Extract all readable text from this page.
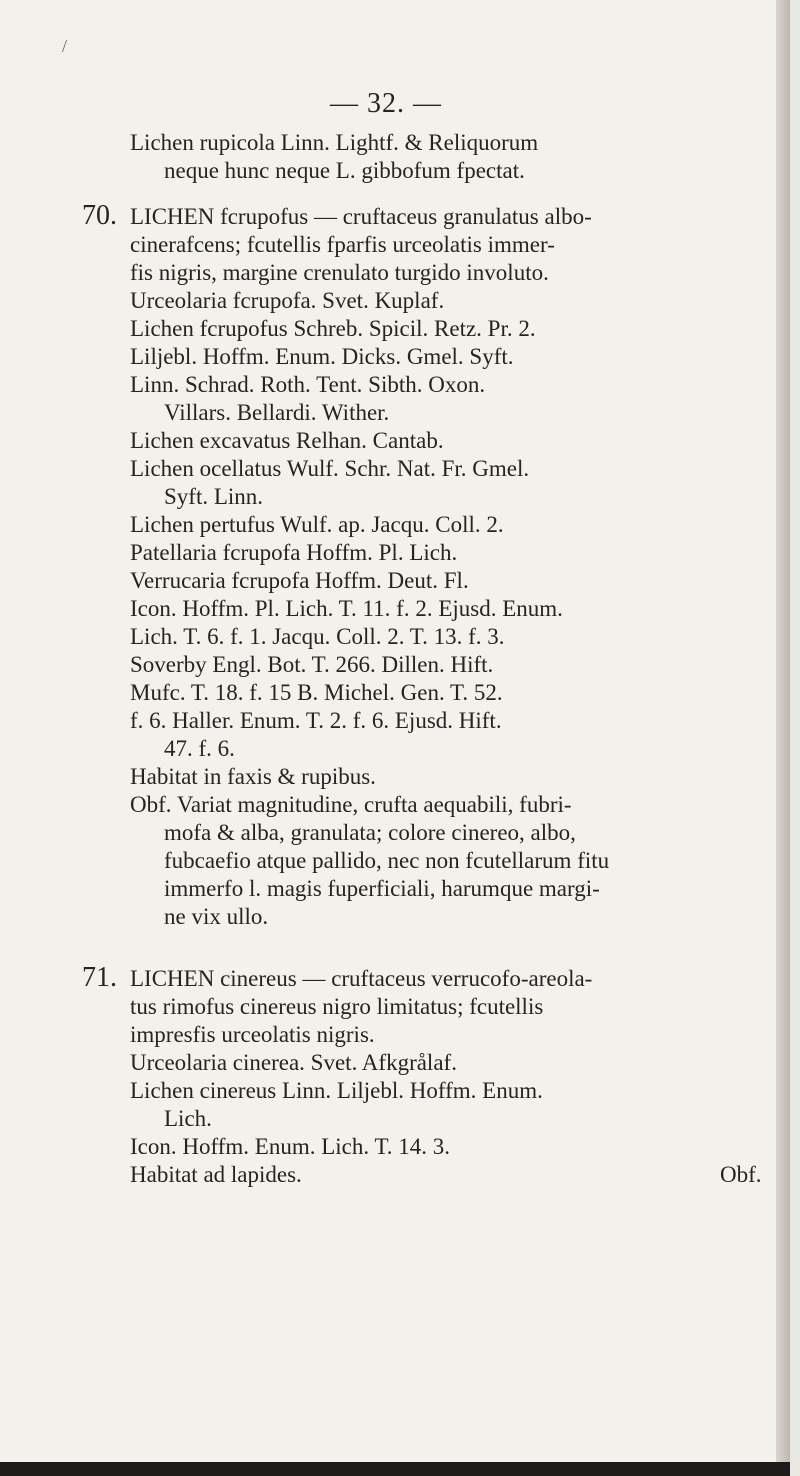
/
— 32. —
Lichen rupicola Linn. Lightf. & Reliquorum
neque hunc neque L. gibbofum fpectat.
70. LICHEN fcrupofus — cruftaceus granulatus albo-
cinerafcens; fcutellis fparfis urceolatis immer-
fis nigris, margine crenulato turgido involuto.
Urceolaria fcrupofa. Svet. Kuplaf.
Lichen fcrupofus Schreb. Spicil. Retz. Pr. 2.
Liljebl. Hoffm. Enum. Dicks. Gmel. Syft.
Linn. Schrad. Roth. Tent. Sibth. Oxon.
Villars. Bellardi. Wither.
Lichen excavatus Relhan. Cantab.
Lichen ocellatus Wulf. Schr. Nat. Fr. Gmel.
Syft. Linn.
Lichen pertufus Wulf. ap. Jacqu. Coll. 2.
Patellaria fcrupofa Hoffm. Pl. Lich.
Verrucaria fcrupofa Hoffm. Deut. Fl.
Icon. Hoffm. Pl. Lich. T. 11. f. 2. Ejusd. Enum.
Lich. T. 6. f. 1. Jacqu. Coll. 2. T. 13. f. 3.
Soverby Engl. Bot. T. 266. Dillen. Hift.
Mufc. T. 18. f. 15 B. Michel. Gen. T. 52.
f. 6. Haller. Enum. T. 2. f. 6. Ejusd. Hift.
47. f. 6.
Habitat in faxis & rupibus.
Obf. Variat magnitudine, crufta aequabili, fubri-
mofa & alba, granulata; colore cinereo, albo,
fubcaefio atque pallido, nec non fcutellarum fitu
immerfo l. magis fuperficiali, harumque margi-
ne vix ullo.
71. LICHEN cinereus — cruftaceus verrucofo-areola-
tus rimofus cinereus nigro limitatus; fcutellis
impresfis urceolatis nigris.
Urceolaria cinerea. Svet. Afkgrålaf.
Lichen cinereus Linn. Liljebl. Hoffm. Enum.
Lich.
Icon. Hoffm. Enum. Lich. T. 14. 3.
Habitat ad lapides.	Obf.
